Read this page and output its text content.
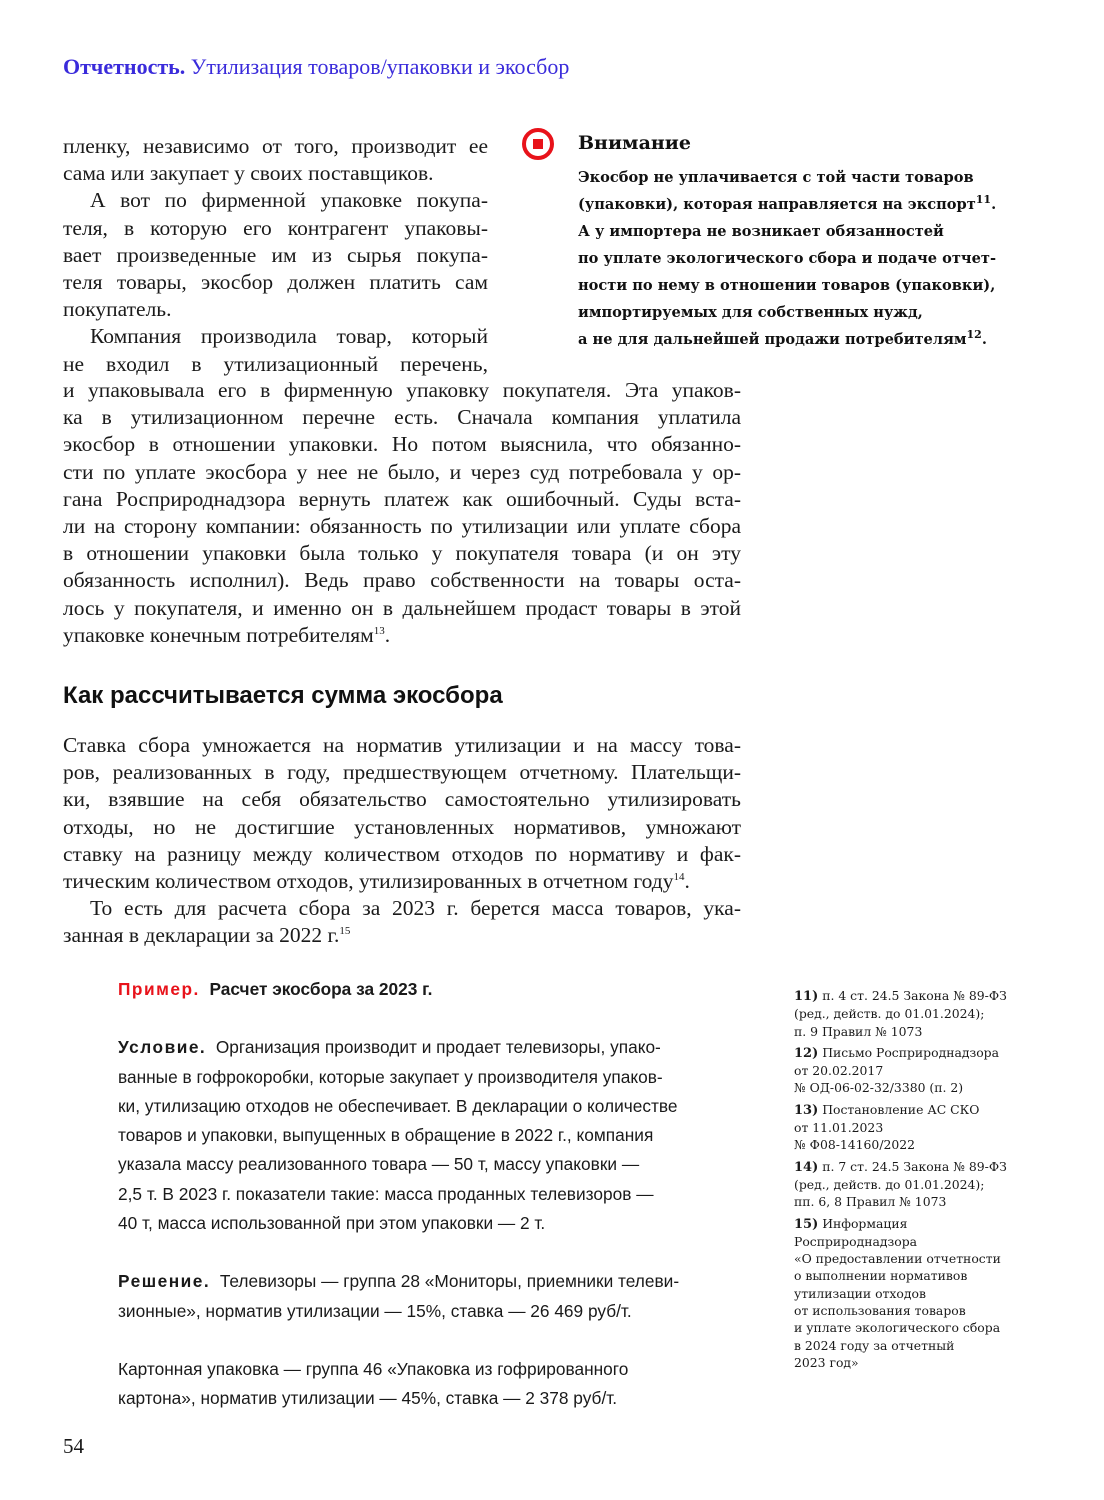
Отчетность. Утилизация товаров/упаковки и экосбор
пленку, независимо от того, производит ее
сама или закупает у своих поставщиков.
А вот по фирменной упаковке покупа-
теля, в которую его контрагент упаковы-
вает произведенные им из сырья покупа-
теля товары, экосбор должен платить сам
покупатель.
Компания производила товар, который
не входил в утилизационный перечень,
Внимание
Экосбор не уплачивается с той части товаров
(упаковки), которая направляется на экспорт$^{11}$.
А у импортера не возникает обязанностей
по уплате экологического сбора и подаче отчет-
ности по нему в отношении товаров (упаковки),
импортируемых для собственных нужд,
а не для дальнейшей продажи потребителям$^{12}$.
и упаковывала его в фирменную упаковку покупателя. Эта упаков-
ка в утилизационном перечне есть. Сначала компания уплатила
экосбор в отношении упаковки. Но потом выяснила, что обязанно-
сти по уплате экосбора у нее не было, и через суд потребовала у ор-
гана Росприроднадзора вернуть платеж как ошибочный. Суды вста-
ли на сторону компании: обязанность по утилизации или уплате сбора
в отношении упаковки была только у покупателя товара (и он эту
обязанность исполнил). Ведь право собственности на товары оста-
лось у покупателя, и именно он в дальнейшем продаст товары в этой
упаковке конечным потребителям$^{13}$.
Как рассчитывается сумма экосбора
Ставка сбора умножается на норматив утилизации и на массу това-
ров, реализованных в году, предшествующем отчетному. Плательщи-
ки, взявшие на себя обязательство самостоятельно утилизировать
отходы, но не достигшие установленных нормативов, умножают
ставку на разницу между количеством отходов по нормативу и фак-
тическим количеством отходов, утилизированных в отчетном году$^{14}$.
То есть для расчета сбора за 2023 г. берется масса товаров, ука-
занная в декларации за 2022 г.$^{15}$
Пример. Расчет экосбора за 2023 г.
Условие. Организация производит и продает телевизоры, упако-
ванные в гофрокоробки, которые закупает у производителя упаков-
ки, утилизацию отходов не обеспечивает. В декларации о количестве
товаров и упаковки, выпущенных в обращение в 2022 г., компания
указала массу реализованного товара — 50 т, массу упаковки —
2,5 т. В 2023 г. показатели такие: масса проданных телевизоров —
40 т, масса использованной при этом упаковки — 2 т.
Решение. Телевизоры — группа 28 «Мониторы, приемники телеви-
зионные», норматив утилизации — 15%, ставка — 26 469 руб/т.
Картонная упаковка — группа 46 «Упаковка из гофрированного
картона», норматив утилизации — 45%, ставка — 2 378 руб/т.
11) п. 4 ст. 24.5 Закона № 89-ФЗ
(ред., действ. до 01.01.2024);
п. 9 Правил № 1073
12) Письмо Росприроднадзора
от 20.02.2017
№ ОД-06-02-32/3380 (п. 2)
13) Постановление АС СКО
от 11.01.2023
№ Ф08-14160/2022
14) п. 7 ст. 24.5 Закона № 89-ФЗ
(ред., действ. до 01.01.2024);
пп. 6, 8 Правил № 1073
15) Информация
Росприроднадзора
«О предоставлении отчетности
о выполнении нормативов
утилизации отходов
от использования товаров
и уплате экологического сбора
в 2024 году за отчетный
2023 год»
54
